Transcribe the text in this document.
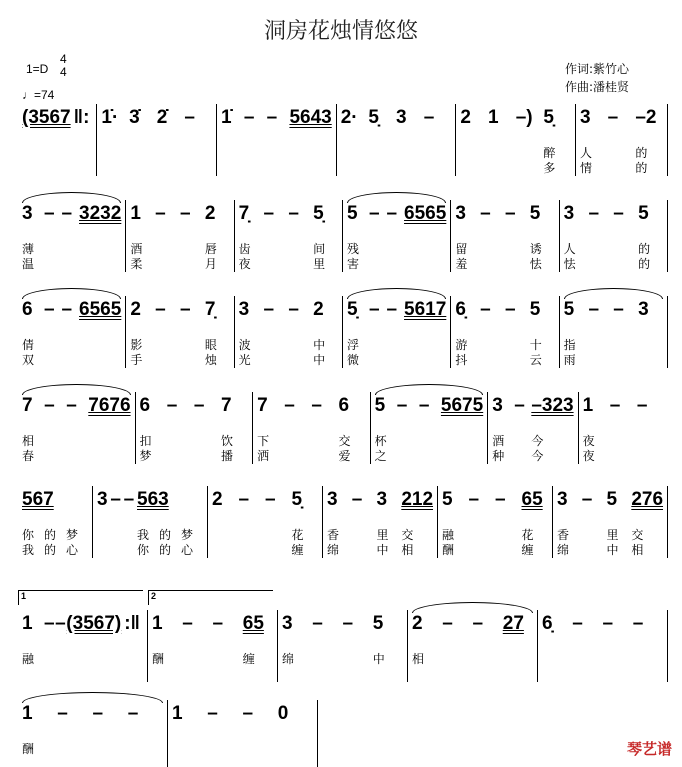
洞房花烛情悠悠
1=D
4
4
♩=74
作词:紫竹心
作曲:潘桂贤
(3567 ‖: 1̇· 3̇ 2̇ – 1̇ – – 5643 2· 5̣ 3 – 2 1 –) 5̣
醉
多
3
人
情
– –2
的
的
3
薄
温
– – 3232 1
酒
柔
– – 2
唇
月
7̣
齿
夜
– – 5̣
间
里
5
残
害
– – 6565 3
留
羞
– – 5
诱
怯
3
人
怯
– – 5
的
的
6
倩
双
– – 6565 2
影
手
– – 7̣
眼
烛
3
波
光
– – 2
中
中
5̣
浮
微
– – 5617 6̣
游
抖
– – 5
十
云
5
指
雨
– – 3
7
相
春
– – 7676 6
扣
梦
– – 7
饮
播
7
下
洒
– – 6
交
爱
5
杯
之
– – 5675 3
酒
种
– –323
今
今
1
夜
夜
– –
567
你的梦
我的心
3 – – 563
我的梦
你的心
2 – – 5̣
花
缠
3
香
绵
– 3
里
中
212
交
相
5
融
酬
– – 65
花
缠
3
香
绵
– 5
里
中
276
交
相
1
1
融
– – (3567) :‖
2
1
酬
– – 65
缠
3
绵
– – 5
中
2
相
– – 27 6̣ – – –
1
酬
– – – 1 – – 0
琴艺谱
